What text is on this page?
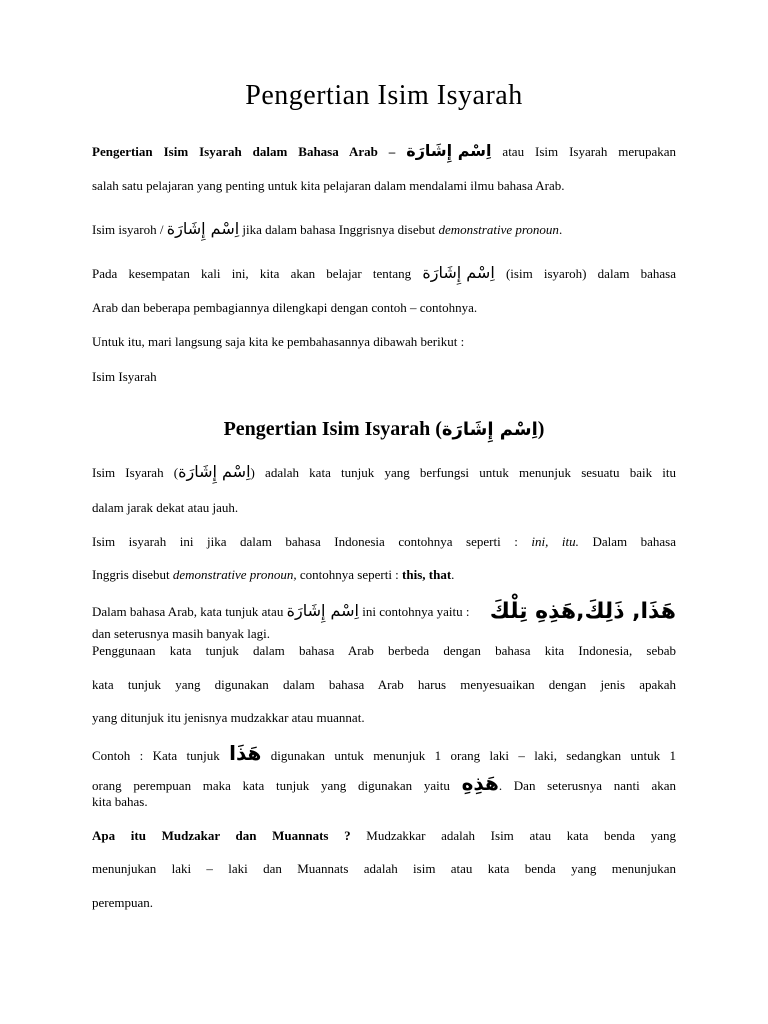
Pengertian Isim Isyarah

Pengertian Isim Isyarah dalam Bahasa Arab – اِسْم إِشَارَة atau Isim Isyarah merupakan

salah satu pelajaran yang penting untuk kita pelajaran dalam mendalami ilmu bahasa Arab.

Isim isyaroh / اِسْم إِشَارَة jika dalam bahasa Inggrisnya disebut demonstrative pronoun.

Pada kesempatan kali ini, kita akan belajar tentang اِسْم إِشَارَة (isim isyaroh) dalam bahasa

Arab dan beberapa pembagiannya dilengkapi dengan contoh – contohnya.

Untuk itu, mari langsung saja kita ke pembahasannya dibawah berikut :

Isim Isyarah

Pengertian Isim Isyarah (اِسْم إِشَارَة)

Isim Isyarah (اِسْم إِشَارَة) adalah kata tunjuk yang berfungsi untuk menunjuk sesuatu baik itu

dalam jarak dekat atau jauh.

Isim isyarah ini jika dalam bahasa Indonesia contohnya seperti : ini, itu. Dalam bahasa

Inggris disebut demonstrative pronoun, contohnya seperti : this, that.

Dalam bahasa Arab, kata tunjuk atau اِسْم إِشَارَة ini contohnya yaitu : هَذَا, ذَلِكَ,هَذِهِ تِلْكَ

dan seterusnya masih banyak lagi.

Penggunaan kata tunjuk dalam bahasa Arab berbeda dengan bahasa kita Indonesia, sebab

kata tunjuk yang digunakan dalam bahasa Arab harus menyesuaikan dengan jenis apakah

yang ditunjuk itu jenisnya mudzakkar atau muannat.

Contoh : Kata tunjuk هَذَا digunakan untuk menunjuk 1 orang laki – laki, sedangkan untuk 1

orang perempuan maka kata tunjuk yang digunakan yaitu هَذِهِ. Dan seterusnya nanti akan

kita bahas.

Apa itu Mudzakar dan Muannats ? Mudzakkar adalah Isim atau kata benda yang

menunjukan laki – laki dan Muannats adalah isim atau kata benda yang menunjukan

perempuan.
